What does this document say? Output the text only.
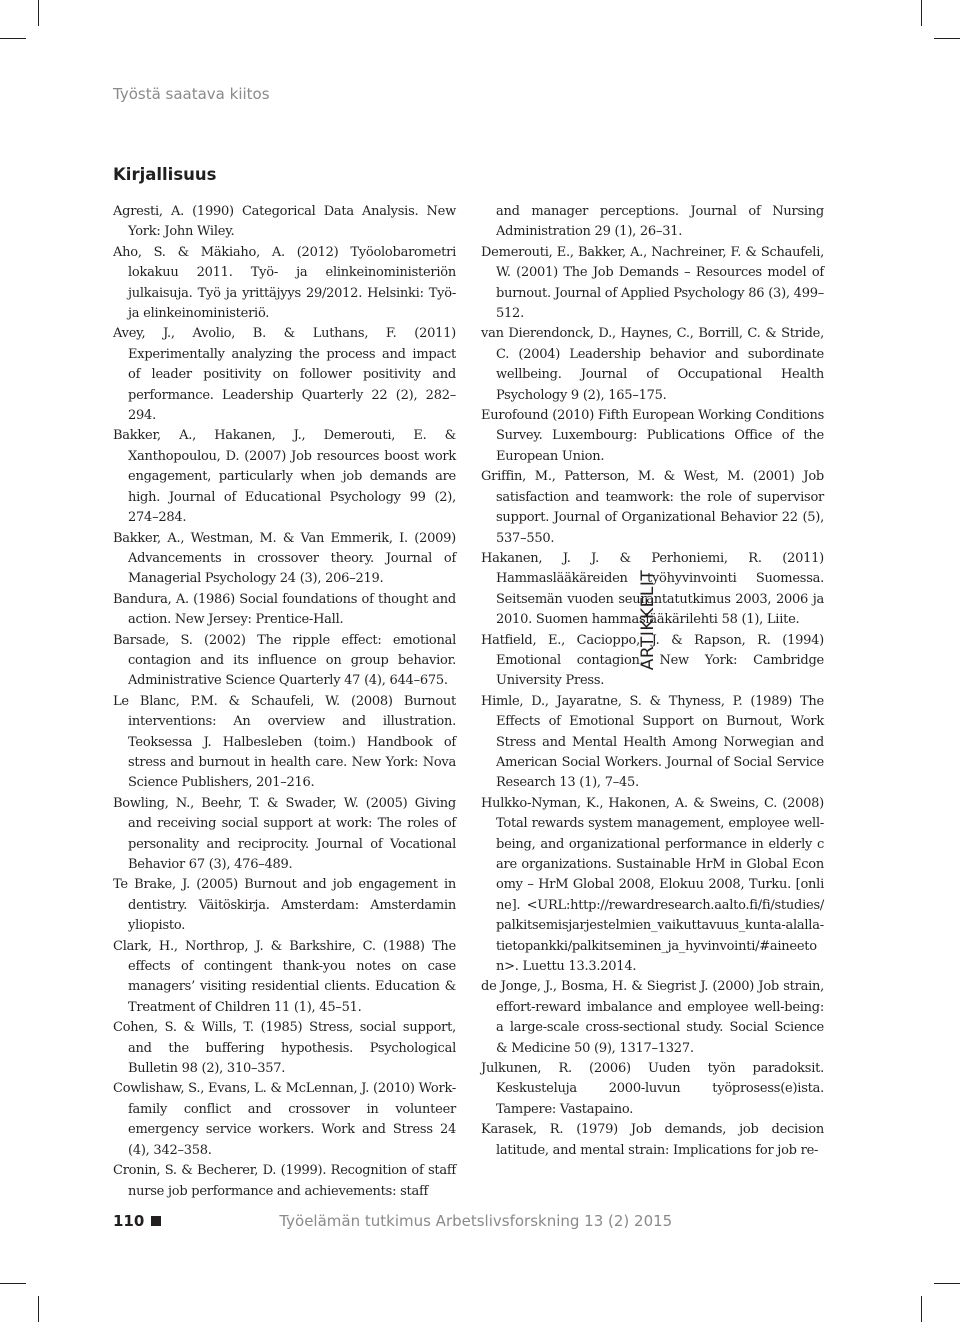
Työstä saatava kiitos
Kirjallisuus
ARTIKKELIT

Agresti, A. (1990) Categorical Data Analysis. New York: John Wiley.

Aho, S. & Mäkiaho, A. (2012) Työolobarometri lokakuu 2011. Työ- ja elinkeinoministeriön julkaisuja. Työ ja yrittäjyys 29/2012. Helsinki: Työ- ja elinkeinoministeriö.

Avey, J., Avolio, B. & Luthans, F. (2011) Experimentally analyzing the process and impact of leader positivity on follower positivity and performance. Leadership Quarterly 22 (2), 282–294.

Bakker, A., Hakanen, J., Demerouti, E. & Xanthopoulou, D. (2007) Job resources boost work engagement, particularly when job demands are high. Journal of Educational Psychology 99 (2), 274–284.

Bakker, A., Westman, M. & Van Emmerik, I. (2009) Advancements in crossover theory. Journal of Managerial Psychology 24 (3), 206–219.

Bandura, A. (1986) Social foundations of thought and action. New Jersey: Prentice-Hall.

Barsade, S. (2002) The ripple effect: emotional contagion and its influence on group behavior. Administrative Science Quarterly 47 (4), 644–675.

Le Blanc, P.M. & Schaufeli, W. (2008) Burnout interventions: An overview and illustration. Teoksessa J. Halbesleben (toim.) Handbook of stress and burnout in health care. New York: Nova Science Publishers, 201–216.

Bowling, N., Beehr, T. & Swader, W. (2005) Giving and receiving social support at work: The roles of personality and reciprocity. Journal of Vocational Behavior 67 (3), 476–489.

Te Brake, J. (2005) Burnout and job engagement in dentistry. Väitöskirja. Amsterdam: Amsterdamin yliopisto.

Clark, H., Northrop, J. & Barkshire, C. (1988) The effects of contingent thank-you notes on case managers’ visiting residential clients. Education & Treatment of Children 11 (1), 45–51.

Cohen, S. & Wills, T. (1985) Stress, social support, and the buffering hypothesis. Psychological Bulletin 98 (2), 310–357.

Cowlishaw, S., Evans, L. & McLennan, J. (2010) Work-family conflict and crossover in volunteer emergency service workers. Work and Stress 24 (4), 342–358.

Cronin, S. & Becherer, D. (1999). Recognition of staff nurse job performance and achievements: staff

and manager perceptions. Journal of Nursing Administration 29 (1), 26–31.

Demerouti, E., Bakker, A., Nachreiner, F. & Schaufeli, W. (2001) The Job Demands – Resources model of burnout. Journal of Applied Psychology 86 (3), 499–512.

van Dierendonck, D., Haynes, C., Borrill, C. & Stride, C. (2004) Leadership behavior and subordinate wellbeing. Journal of Occupational Health Psychology 9 (2), 165–175.

Eurofound (2010) Fifth European Working Conditions Survey. Luxembourg: Publications Office of the European Union.

Griffin, M., Patterson, M. & West, M. (2001) Job satisfaction and teamwork: the role of supervisor support. Journal of Organizational Behavior 22 (5), 537–550.

Hakanen, J. J. & Perhoniemi, R. (2011) Hammaslääkäreiden työhyvinvointi Suomessa. Seitsemän vuoden seurantatutkimus 2003, 2006 ja 2010. Suomen hammaslääkärilehti 58 (1), Liite.

Hatfield, E., Cacioppo, J. & Rapson, R. (1994) Emotional contagion. New York: Cambridge University Press.

Himle, D., Jayaratne, S. & Thyness, P. (1989) The Effects of Emotional Support on Burnout, Work Stress and Mental Health Among Norwegian and American Social Workers. Journal of Social Service Research 13 (1), 7–45.

Hulkko-Nyman, K., Hakonen, A. & Sweins, C. (2008) Total rewards system management, employee well-being, and organizational performance in elderly care organizations. Sustainable HrM in Global Economy – HrM Global 2008, Elokuu 2008, Turku. [online]. <URL:http://rewardresearch.aalto.fi/fi/studies/palkitsemisjarjestelmien_vaikuttavuus_kunta-alalla-tietopankki/palkitseminen_ja_hyvinvointi/#aineeton>. Luettu 13.3.2014.

de Jonge, J., Bosma, H. & Siegrist J. (2000) Job strain, effort-reward imbalance and employee well-being: a large-scale cross-sectional study. Social Science & Medicine 50 (9), 1317–1327.

Julkunen, R. (2006) Uuden työn paradoksit. Keskusteluja 2000-luvun työprosess(e)ista. Tampere: Vastapaino.

Karasek, R. (1979) Job demands, job decision latitude, and mental strain: Implications for job re-

110	Työelämän tutkimus Arbetslivsforskning 13 (2) 2015
